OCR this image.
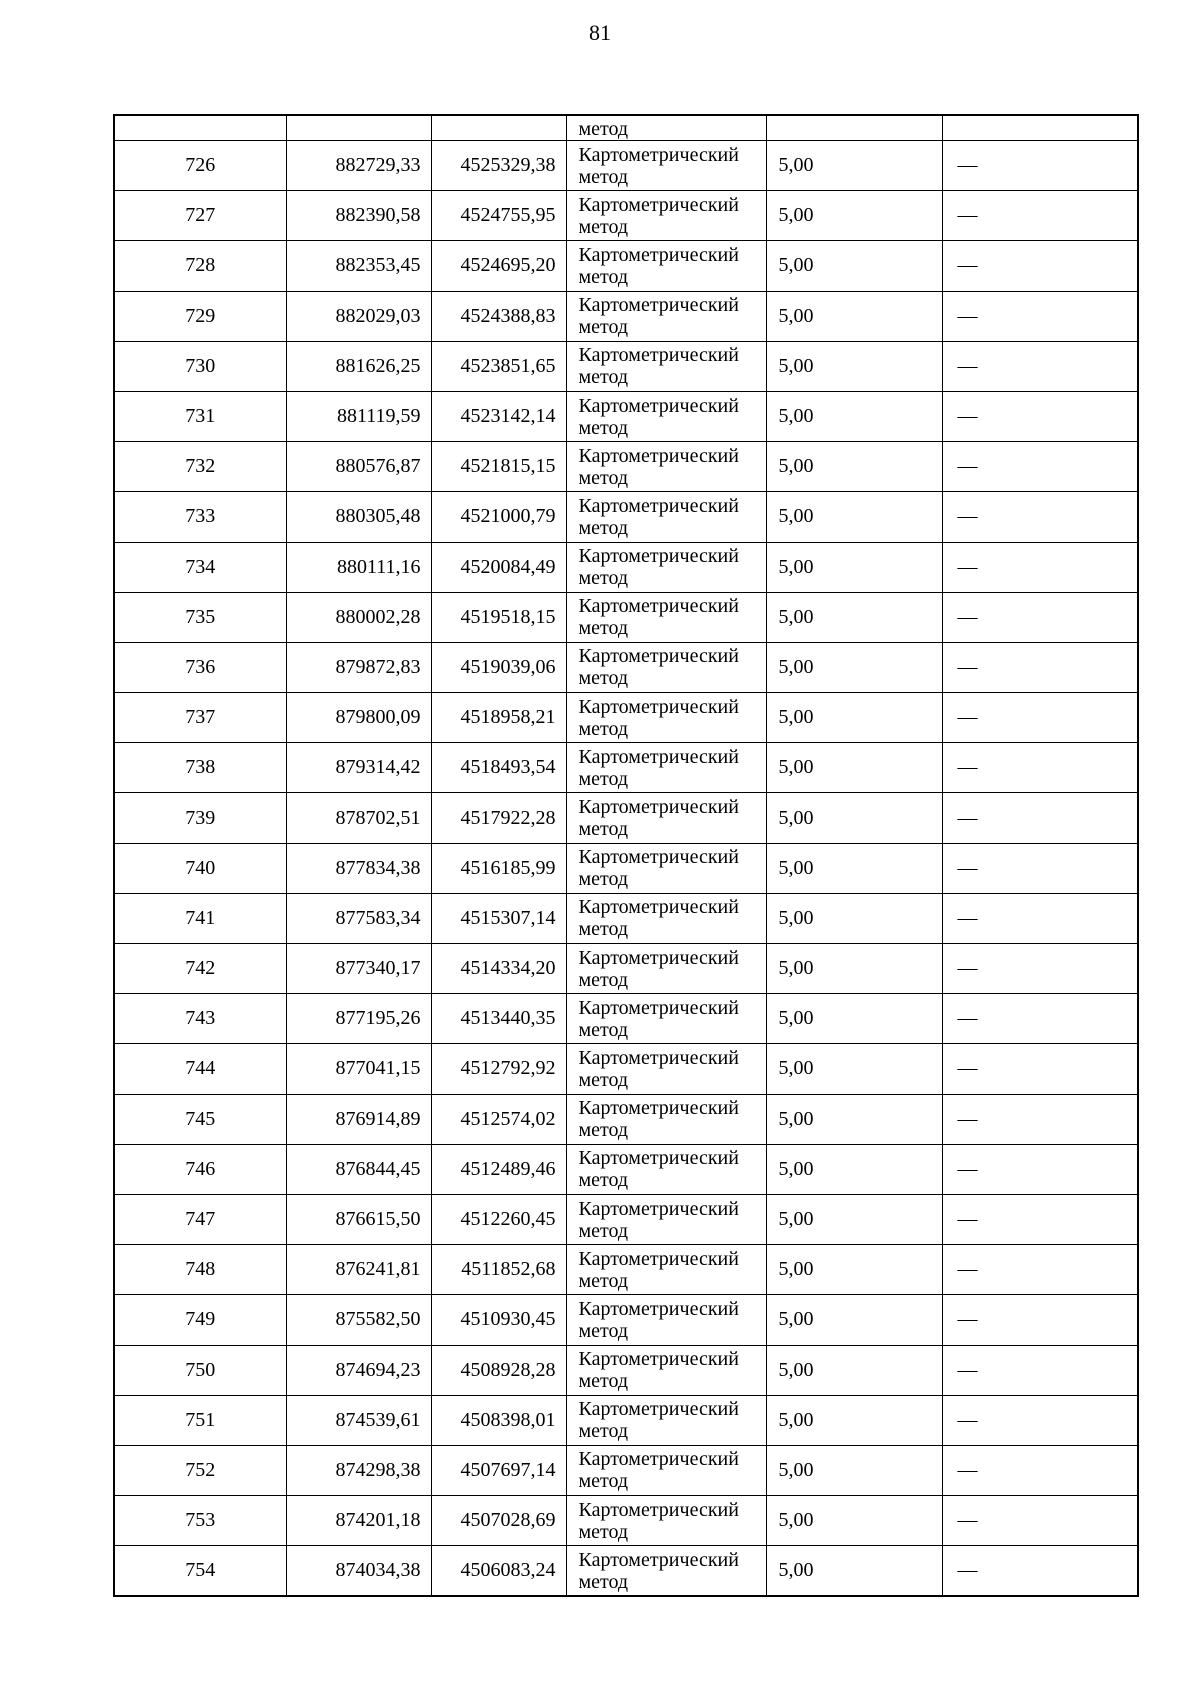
81

			метод		

726	882729,33	4525329,38	Картометрический
метод	5,00	—
727	882390,58	4524755,95	Картометрический
метод	5,00	—
728	882353,45	4524695,20	Картометрический
метод	5,00	—
729	882029,03	4524388,83	Картометрический
метод	5,00	—
730	881626,25	4523851,65	Картометрический
метод	5,00	—
731	881119,59	4523142,14	Картометрический
метод	5,00	—
732	880576,87	4521815,15	Картометрический
метод	5,00	—
733	880305,48	4521000,79	Картометрический
метод	5,00	—
734	880111,16	4520084,49	Картометрический
метод	5,00	—
735	880002,28	4519518,15	Картометрический
метод	5,00	—
736	879872,83	4519039,06	Картометрический
метод	5,00	—
737	879800,09	4518958,21	Картометрический
метод	5,00	—
738	879314,42	4518493,54	Картометрический
метод	5,00	—
739	878702,51	4517922,28	Картометрический
метод	5,00	—
740	877834,38	4516185,99	Картометрический
метод	5,00	—
741	877583,34	4515307,14	Картометрический
метод	5,00	—
742	877340,17	4514334,20	Картометрический
метод	5,00	—
743	877195,26	4513440,35	Картометрический
метод	5,00	—
744	877041,15	4512792,92	Картометрический
метод	5,00	—
745	876914,89	4512574,02	Картометрический
метод	5,00	—
746	876844,45	4512489,46	Картометрический
метод	5,00	—
747	876615,50	4512260,45	Картометрический
метод	5,00	—
748	876241,81	4511852,68	Картометрический
метод	5,00	—
749	875582,50	4510930,45	Картометрический
метод	5,00	—
750	874694,23	4508928,28	Картометрический
метод	5,00	—
751	874539,61	4508398,01	Картометрический
метод	5,00	—
752	874298,38	4507697,14	Картометрический
метод	5,00	—
753	874201,18	4507028,69	Картометрический
метод	5,00	—
754	874034,38	4506083,24	Картометрический
метод	5,00	—
